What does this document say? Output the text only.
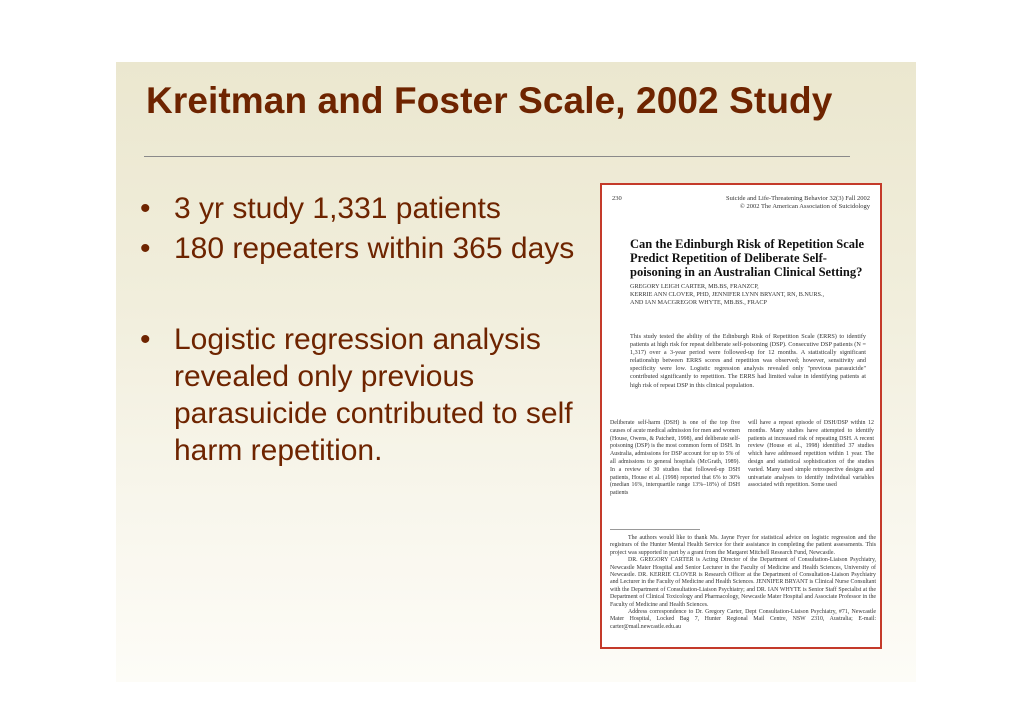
Kreitman and Foster Scale, 2002 Study
• 3 yr study 1,331 patients
• 180 repeaters within 365 days
• Logistic regression analysis revealed only previous parasuicide contributed to self harm repetition.
230	Suicide and Life-Threatening Behavior 32(3) Fall 2002
© 2002 The American Association of Suicidology
Can the Edinburgh Risk of Repetition Scale Predict Repetition of Deliberate Self-poisoning in an Australian Clinical Setting?
GREGORY LEIGH CARTER, MB.BS, FRANZCP,
KERRIE ANN CLOVER, PHD, JENNIFER LYNN BRYANT, RN, B.NURS.,
AND IAN MACGREGOR WHYTE, MB.BS., FRACP
This study tested the ability of the Edinburgh Risk of Repetition Scale (ERRS) to identify patients at high risk for repeat deliberate self-poisoning (DSP). Consecutive DSP patients (N = 1,317) over a 3-year period were followed-up for 12 months. A statistically significant relationship between ERRS scores and repetition was observed; however, sensitivity and specificity were low. Logistic regression analysis revealed only "previous parasuicide" contributed significantly to repetition. The ERRS had limited value in identifying patients at high risk of repeat DSP in this clinical population.
Deliberate self-harm (DSH) is one of the top five causes of acute medical admission for men and women (House, Owens, & Patchett, 1998), and deliberate self-poisoning (DSP) is the most common form of DSH. In Australia, admissions for DSP account for up to 5% of all admissions to general hospitals (McGrath, 1989). In a review of 30 studies that followed-up DSH patients, House et al. (1998) reported that 6% to 30% (median 16%, interquartile range 13%–18%) of DSH patients
will have a repeat episode of DSH/DSP within 12 months. Many studies have attempted to identify patients at increased risk of repeating DSH. A recent review (House et al., 1998) identified 37 studies which have addressed repetition within 1 year. The design and statistical sophistication of the studies varied. Many used simple retrospective designs and univariate analyses to identify individual variables associated with repetition. Some used

The authors would like to thank Ms. Jayne Fryer for statistical advice on logistic regression and the registrars of the Hunter Mental Health Service for their assistance in completing the patient assessments. This project was supported in part by a grant from the Margaret Mitchell Research Fund, Newcastle.

DR. GREGORY CARTER is Acting Director of the Department of Consultation-Liaison Psychiatry, Newcastle Mater Hospital and Senior Lecturer in the Faculty of Medicine and Health Sciences, University of Newcastle. DR. KERRIE CLOVER is Research Officer at the Department of Consultation-Liaison Psychiatry and Lecturer in the Faculty of Medicine and Health Sciences. JENNIFER BRYANT is Clinical Nurse Consultant with the Department of Consultation-Liaison Psychiatry; and DR. IAN WHYTE is Senior Staff Specialist at the Department of Clinical Toxicology and Pharmacology, Newcastle Mater Hospital and Associate Professor in the Faculty of Medicine and Health Sciences.

Address correspondence to Dr. Gregory Carter, Dept Consultation-Liaison Psychiatry, #71, Newcastle Mater Hospital, Locked Bag 7, Hunter Regional Mail Centre, NSW 2310, Australia; E-mail: carter@mail.newcastle.edu.au
